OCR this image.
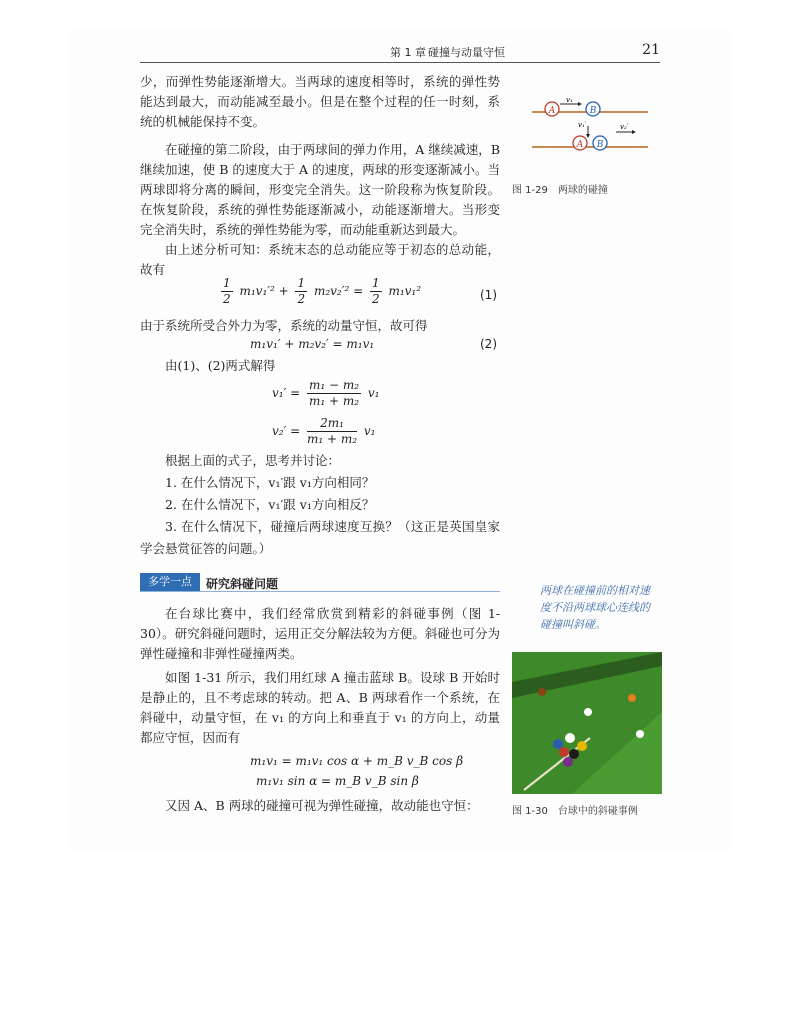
第 1 章 碰撞与动量守恒	21

少，而弹性势能逐渐增大。当两球的速度相等时，系统的弹性势能达到最大，而动能减至最小。但是在整个过程的任一时刻，系统的机械能保持不变。

在碰撞的第二阶段，由于两球间的弹力作用，A 继续减速，B 继续加速，使 B 的速度大于 A 的速度，两球的形变逐渐减小。当两球即将分离的瞬间，形变完全消失。这一阶段称为恢复阶段。在恢复阶段，系统的弹性势能逐渐减小，动能逐渐增大。当形变完全消失时，系统的弹性势能为零，而动能重新达到最大。

由上述分析可知：系统末态的总动能应等于初态的总动能，故有

$\frac{1}{2} m_1v_1'^2 + \frac{1}{2} m_2v_2'^2 = \frac{1}{2} m_1v_1^2$	(1)

由于系统所受合外力为零，系统的动量守恒，故可得

m₁v₁′ + m₂v₂′ = m₁v₁	(2)

由(1)、(2)两式解得

$v_1' = \frac{\text{m₁ − m₂}}{\text{m₁ + m₂}} v_1$
$v_2' = \frac{\text{2m₁}}{\text{m₁ + m₂}} v_1$

根据上面的式子，思考并讨论：

1. 在什么情况下，v₁′跟 v₁方向相同？

2. 在什么情况下，v₁′跟 v₁方向相反？

3. 在什么情况下，碰撞后两球速度互换？（这正是英国皇家学会悬赏征答的问题。）

多学一点	研究斜碰问题	两球在碰撞前的相对速度不沿两球球心连线的碰撞叫斜碰。

在台球比赛中，我们经常欣赏到精彩的斜碰事例（图 1-30）。研究斜碰问题时，运用正交分解法较为方便。斜碰也可分为弹性碰撞和非弹性碰撞两类。

如图 1-31 所示，我们用红球 A 撞击蓝球 B。设球 B 开始时是静止的，且不考虑球的转动。把 A、B 两球看作一个系统，在斜碰中，动量守恒，在 v₁ 的方向上和垂直于 v₁ 的方向上，动量都应守恒，因而有

m₁v₁ = m₁v₁ cos α + m_B v_B cos β
m₁v₁ sin α = m_B v_B sin β

又因 A、B 两球的碰撞可视为弹性碰撞，故动能也守恒：

A
v₁
B
A B
v₁′	v₂′
图 1-29　两球的碰撞
图 1-30　台球中的斜碰事例
